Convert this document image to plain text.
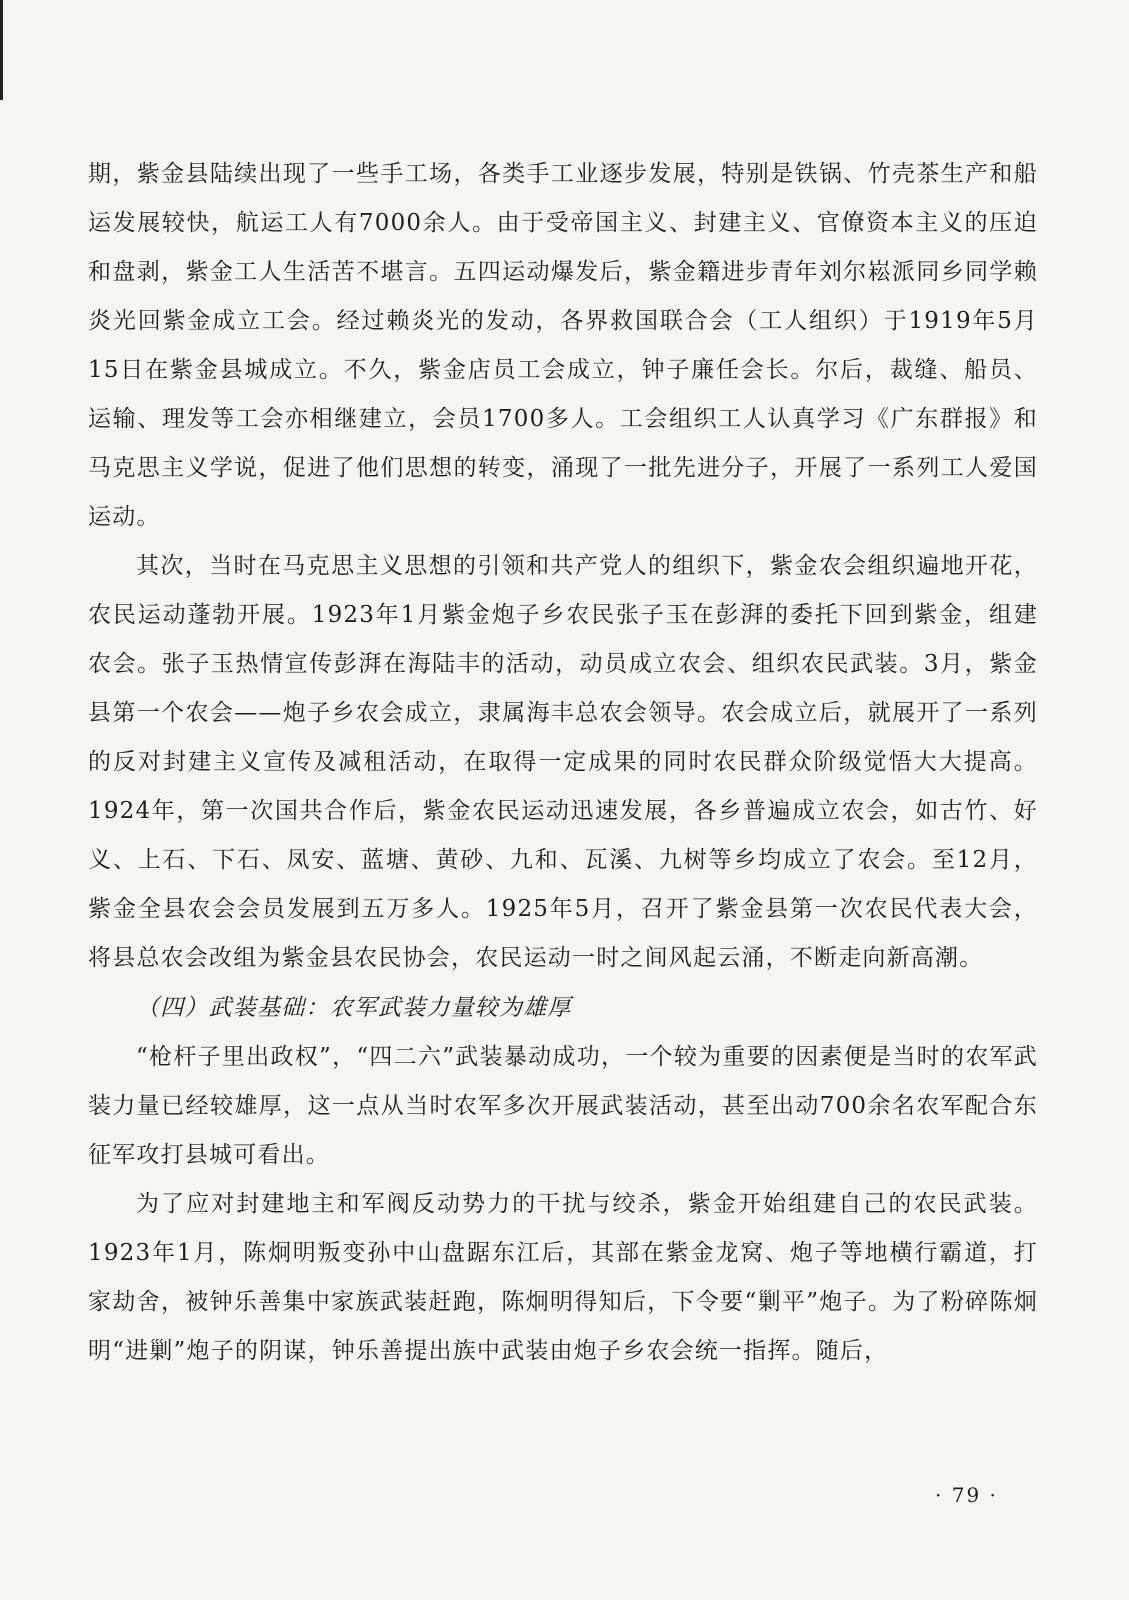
期，紫金县陆续出现了一些手工场，各类手工业逐步发展，特别是铁锅、竹壳茶生产和船运发展较快，航运工人有7000余人。由于受帝国主义、封建主义、官僚资本主义的压迫和盘剥，紫金工人生活苦不堪言。五四运动爆发后，紫金籍进步青年刘尔崧派同乡同学赖炎光回紫金成立工会。经过赖炎光的发动，各界救国联合会（工人组织）于1919年5月15日在紫金县城成立。不久，紫金店员工会成立，钟子廉任会长。尔后，裁缝、船员、运输、理发等工会亦相继建立，会员1700多人。工会组织工人认真学习《广东群报》和马克思主义学说，促进了他们思想的转变，涌现了一批先进分子，开展了一系列工人爱国运动。

其次，当时在马克思主义思想的引领和共产党人的组织下，紫金农会组织遍地开花，农民运动蓬勃开展。1923年1月紫金炮子乡农民张子玉在彭湃的委托下回到紫金，组建农会。张子玉热情宣传彭湃在海陆丰的活动，动员成立农会、组织农民武装。3月，紫金县第一个农会——炮子乡农会成立，隶属海丰总农会领导。农会成立后，就展开了一系列的反对封建主义宣传及减租活动，在取得一定成果的同时农民群众阶级觉悟大大提高。1924年，第一次国共合作后，紫金农民运动迅速发展，各乡普遍成立农会，如古竹、好义、上石、下石、凤安、蓝塘、黄砂、九和、瓦溪、九树等乡均成立了农会。至12月，紫金全县农会会员发展到五万多人。1925年5月，召开了紫金县第一次农民代表大会，将县总农会改组为紫金县农民协会，农民运动一时之间风起云涌，不断走向新高潮。

（四）武装基础：农军武装力量较为雄厚

“枪杆子里出政权”，“四二六”武装暴动成功，一个较为重要的因素便是当时的农军武装力量已经较雄厚，这一点从当时农军多次开展武装活动，甚至出动700余名农军配合东征军攻打县城可看出。

为了应对封建地主和军阀反动势力的干扰与绞杀，紫金开始组建自己的农民武装。1923年1月，陈炯明叛变孙中山盘踞东江后，其部在紫金龙窝、炮子等地横行霸道，打家劫舍，被钟乐善集中家族武装赶跑，陈炯明得知后，下令要“剿平”炮子。为了粉碎陈炯明“进剿”炮子的阴谋，钟乐善提出族中武装由炮子乡农会统一指挥。随后，

· 79 ·
